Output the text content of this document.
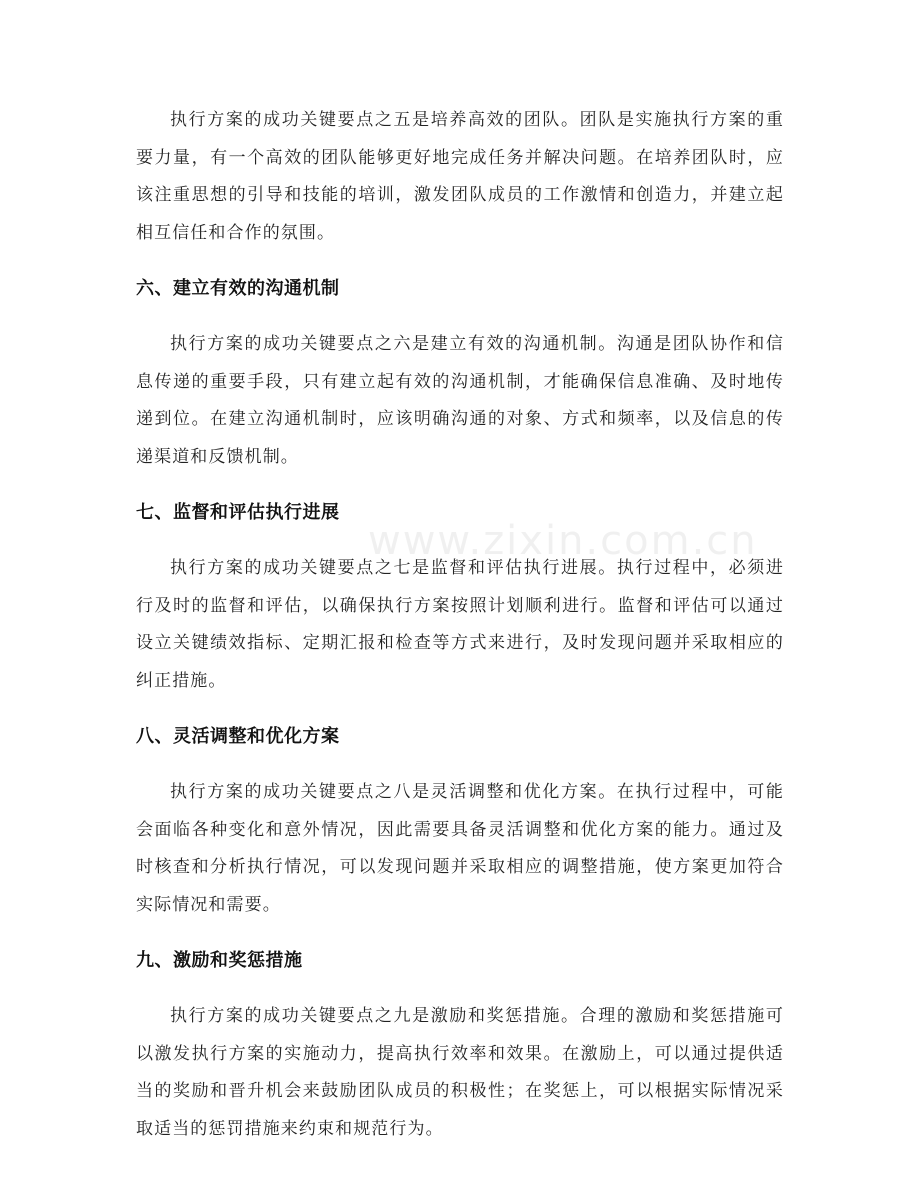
www.zixin.com.cn

执行方案的成功关键要点之五是培养高效的团队。团队是实施执行方案的重要力量，有一个高效的团队能够更好地完成任务并解决问题。在培养团队时，应该注重思想的引导和技能的培训，激发团队成员的工作激情和创造力，并建立起相互信任和合作的氛围。

六、建立有效的沟通机制

执行方案的成功关键要点之六是建立有效的沟通机制。沟通是团队协作和信息传递的重要手段，只有建立起有效的沟通机制，才能确保信息准确、及时地传递到位。在建立沟通机制时，应该明确沟通的对象、方式和频率，以及信息的传递渠道和反馈机制。

七、监督和评估执行进展

执行方案的成功关键要点之七是监督和评估执行进展。执行过程中，必须进行及时的监督和评估，以确保执行方案按照计划顺利进行。监督和评估可以通过设立关键绩效指标、定期汇报和检查等方式来进行，及时发现问题并采取相应的纠正措施。

八、灵活调整和优化方案

执行方案的成功关键要点之八是灵活调整和优化方案。在执行过程中，可能会面临各种变化和意外情况，因此需要具备灵活调整和优化方案的能力。通过及时核查和分析执行情况，可以发现问题并采取相应的调整措施，使方案更加符合实际情况和需要。

九、激励和奖惩措施

执行方案的成功关键要点之九是激励和奖惩措施。合理的激励和奖惩措施可以激发执行方案的实施动力，提高执行效率和效果。在激励上，可以通过提供适当的奖励和晋升机会来鼓励团队成员的积极性；在奖惩上，可以根据实际情况采取适当的惩罚措施来约束和规范行为。
